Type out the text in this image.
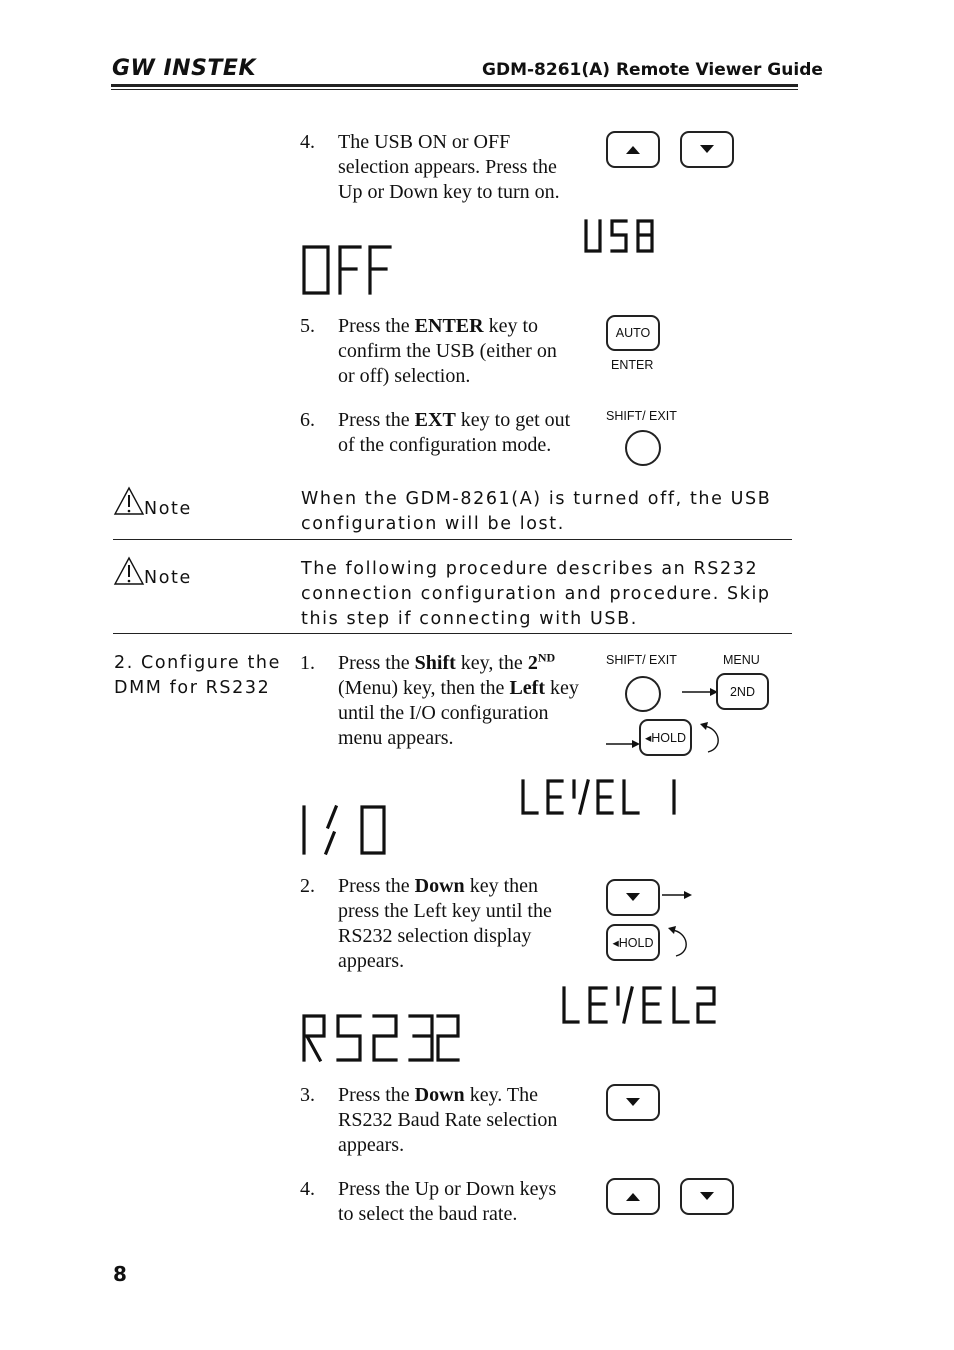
GW INSTEK	GDM-8261(A) Remote Viewer Guide
4.	The USB ON or OFF
selection appears. Press the
Up or Down key to turn on.
5.	Press the ENTER key to
confirm the USB (either on
or off) selection.
AUTO
ENTER
6.	Press the EXT key to get out
of the configuration mode.
SHIFT/ EXIT
Note	When the GDM-8261(A) is turned off, the USB
configuration will be lost.
Note	The following procedure describes an RS232
connection configuration and procedure. Skip
this step if connecting with USB.
2. Configure the
DMM for RS232
1.	Press the Shift key, the 2ND
(Menu) key, then the Left key
until the I/O configuration
menu appears.
SHIFT/ EXIT	MENU
2ND
◂HOLD
2.	Press the Down key then
press the Left key until the
RS232 selection display
appears.
◂HOLD
3.	Press the Down key. The
RS232 Baud Rate selection
appears.
4.	Press the Up or Down keys
to select the baud rate.
8
